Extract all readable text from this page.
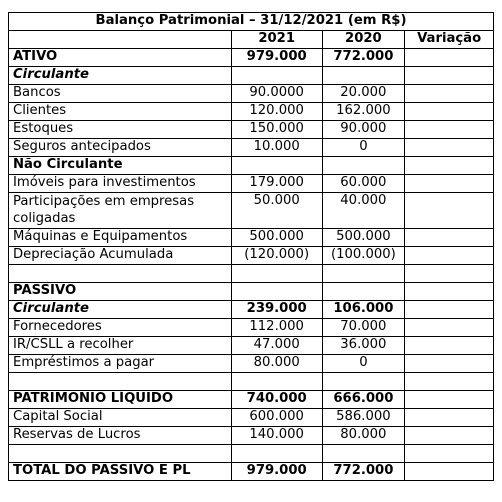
Balanço Patrimonial – 31/12/2021 (em R$)			
	2021	2020	Variação
ATIVO	979.000	772.000	
Circulante			
Bancos	90.0000	20.000	
Clientes	120.000	162.000	
Estoques	150.000	90.000	
Seguros antecipados	10.000	0	
Não Circulante			
Imóveis para investimentos	179.000	60.000	
Participações em empresas coligadas	50.000	40.000	
Máquinas e Equipamentos	500.000	500.000	
Depreciação Acumulada	(120.000)	(100.000)	

PASSIVO			
Circulante	239.000	106.000	
Fornecedores	112.000	70.000	
IR/CSLL a recolher	47.000	36.000	
Empréstimos a pagar	80.000	0	

PATRIMÔNIO LÍQUIDO	740.000	666.000	
Capital Social	600.000	586.000	
Reservas de Lucros	140.000	80.000	

TOTAL DO PASSIVO E PL	979.000	772.000	
